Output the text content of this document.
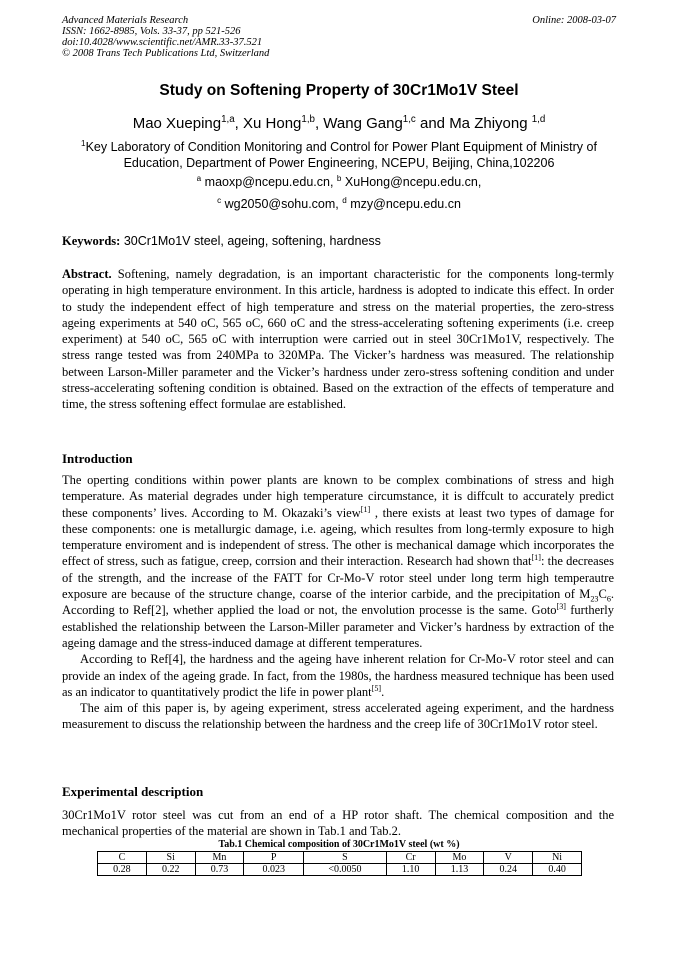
Advanced Materials Research
ISSN: 1662-8985, Vols. 33-37, pp 521-526
doi:10.4028/www.scientific.net/AMR.33-37.521
© 2008 Trans Tech Publications Ltd, Switzerland
Online: 2008-03-07
Study on Softening Property of 30Cr1Mo1V Steel
Mao Xueping$^{1,a}$, Xu Hong$^{1,b}$, Wang Gang$^{1,c}$ and Ma Zhiyong $^{1,d}$
$^1$Key Laboratory of Condition Monitoring and Control for Power Plant Equipment of Ministry of
Education, Department of Power Engineering, NCEPU, Beijing, China,102206
$^a$ maoxp@ncepu.edu.cn, $^b$ XuHong@ncepu.edu.cn,
$^c$ wg2050@sohu.com, $^d$ mzy@ncepu.edu.cn
Keywords: 30Cr1Mo1V steel, ageing, softening, hardness

Abstract. Softening, namely degradation, is an important characteristic for the components long-termly operating in high temperature environment. In this article, hardness is adopted to indicate this effect. In order to study the independent effect of high temperature and stress on the material properties, the zero-stress ageing experiments at 540 oC, 565 oC, 660 oC and the stress-accelerating softening experiments (i.e. creep experiment) at 540 oC, 565 oC with interruption were carried out in steel 30Cr1Mo1V, respectively. The stress range tested was from 240MPa to 320MPa. The Vicker’s hardness was measured. The relationship between Larson-Miller parameter and the Vicker’s hardness under zero-stress softening condition and under stress-accelerating softening condition is obtained. Based on the extraction of the effects of temperature and time, the stress softening effect formulae are established.

Introduction

The operting conditions within power plants are known to be complex combinations of stress and high temperature. As material degrades under high temperature circumstance, it is diffcult to accurately predict these components’ lives. According to M. Okazaki’s view[1] , there exists at least two types of damage for these components: one is metallurgic damage, i.e. ageing, which resultes from long-termly exposure to high temperature enviroment and is independent of stress. The other is mechanical damage which incorporates the effect of stress, such as fatigue, creep, corrsion and their interaction. Research had shown that[1]: the decreases of the strength, and the increase of the FATT for Cr-Mo-V rotor steel under long term high temperautre exposure are because of the structure change, coarse of the interior carbide, and the precipitation of $M_{23}C_6$. According to Ref[2], whether applied the load or not, the envolution processe is the same. Goto[3] furtherly established the relationship between the Larson-Miller parameter and Vicker’s hardness by extraction of the ageing damage and the stress-induced damage at different temperatures.

According to Ref[4], the hardness and the ageing have inherent relation for Cr-Mo-V rotor steel and can provide an index of the ageing grade. In fact, from the 1980s, the hardness measured technique has been used as an indicator to quantitatively prodict the life in power plant[5].

The aim of this paper is, by ageing experiment, stress accelerated ageing experiment, and the hardness measurement to discuss the relationship between the hardness and the creep life of 30Cr1Mo1V rotor steel.

Experimental description

30Cr1Mo1V rotor steel was cut from an end of a HP rotor shaft. The chemical composition and the mechanical properties of the material are shown in Tab.1 and Tab.2.

Tab.1 Chemical composition of 30Cr1Mo1V steel (wt %)
C	Si	Mn	P	S	Cr	Mo	V	Ni
0.28	0.22	0.73	0.023	<0.0050	1.10	1.13	0.24	0.40
